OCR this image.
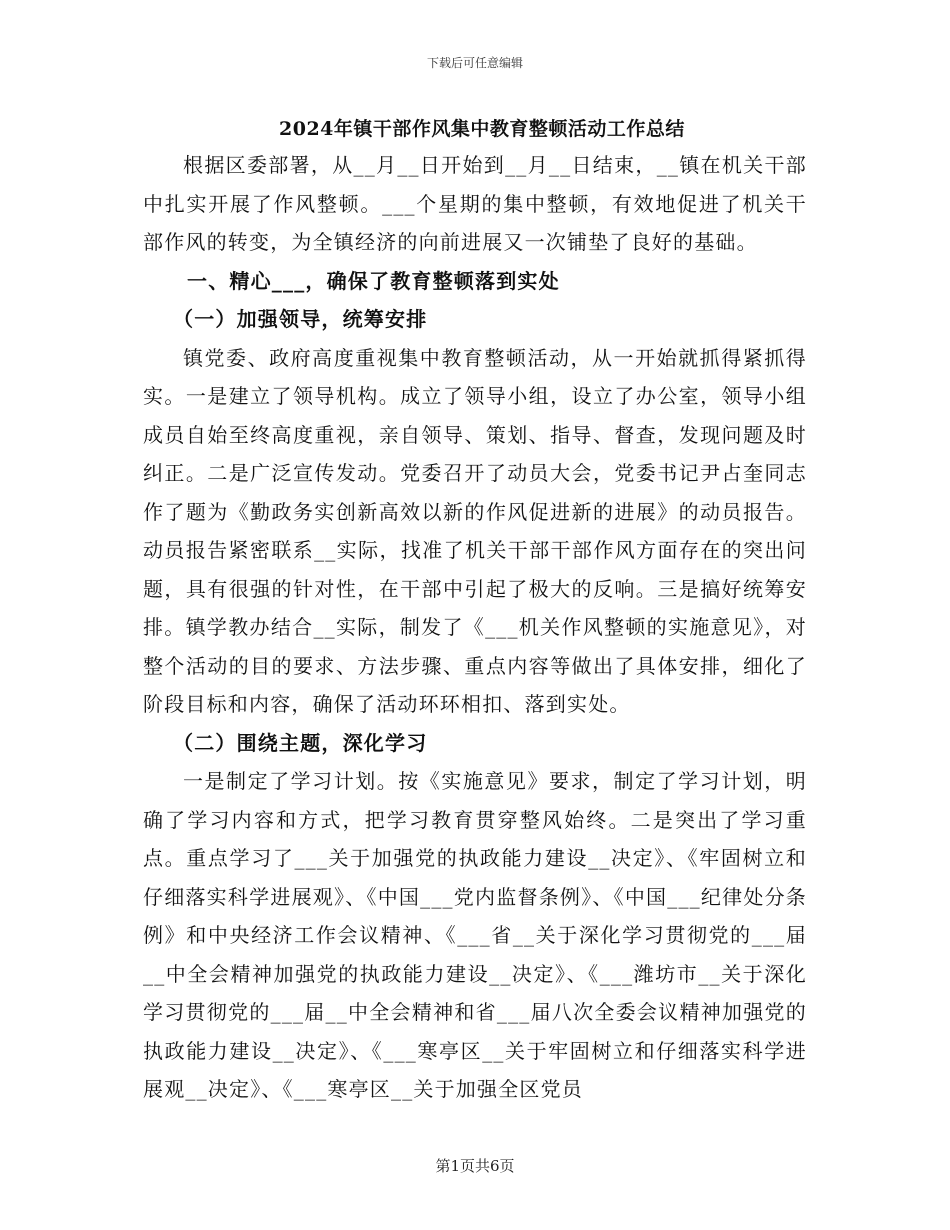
下载后可任意编辑

2024年镇干部作风集中教育整顿活动工作总结

根据区委部署，从__月__日开始到__月__日结束，__镇在机关干部中扎实开展了作风整顿。___个星期的集中整顿，有效地促进了机关干部作风的转变，为全镇经济的向前进展又一次铺垫了良好的基础。

一、精心___，确保了教育整顿落到实处

（一）加强领导，统筹安排

镇党委、政府高度重视集中教育整顿活动，从一开始就抓得紧抓得实。一是建立了领导机构。成立了领导小组，设立了办公室，领导小组成员自始至终高度重视，亲自领导、策划、指导、督查，发现问题及时纠正。二是广泛宣传发动。党委召开了动员大会，党委书记尹占奎同志作了题为《勤政务实创新高效以新的作风促进新的进展》的动员报告。动员报告紧密联系__实际，找准了机关干部干部作风方面存在的突出问题，具有很强的针对性，在干部中引起了极大的反响。三是搞好统筹安排。镇学教办结合__实际，制发了《___机关作风整顿的实施意见》，对整个活动的目的要求、方法步骤、重点内容等做出了具体安排，细化了阶段目标和内容，确保了活动环环相扣、落到实处。

（二）围绕主题，深化学习

一是制定了学习计划。按《实施意见》要求，制定了学习计划，明确了学习内容和方式，把学习教育贯穿整风始终。二是突出了学习重点。重点学习了___关于加强党的执政能力建设__决定》、《牢固树立和仔细落实科学进展观》、《中国___党内监督条例》、《中国___纪律处分条例》和中央经济工作会议精神、《___省__关于深化学习贯彻党的___届__中全会精神加强党的执政能力建设__决定》、《___潍坊市__关于深化学习贯彻党的___届__中全会精神和省___届八次全委会议精神加强党的执政能力建设__决定》、《___寒亭区__关于牢固树立和仔细落实科学进展观__决定》、《___寒亭区__关于加强全区党员

第1页共6页
